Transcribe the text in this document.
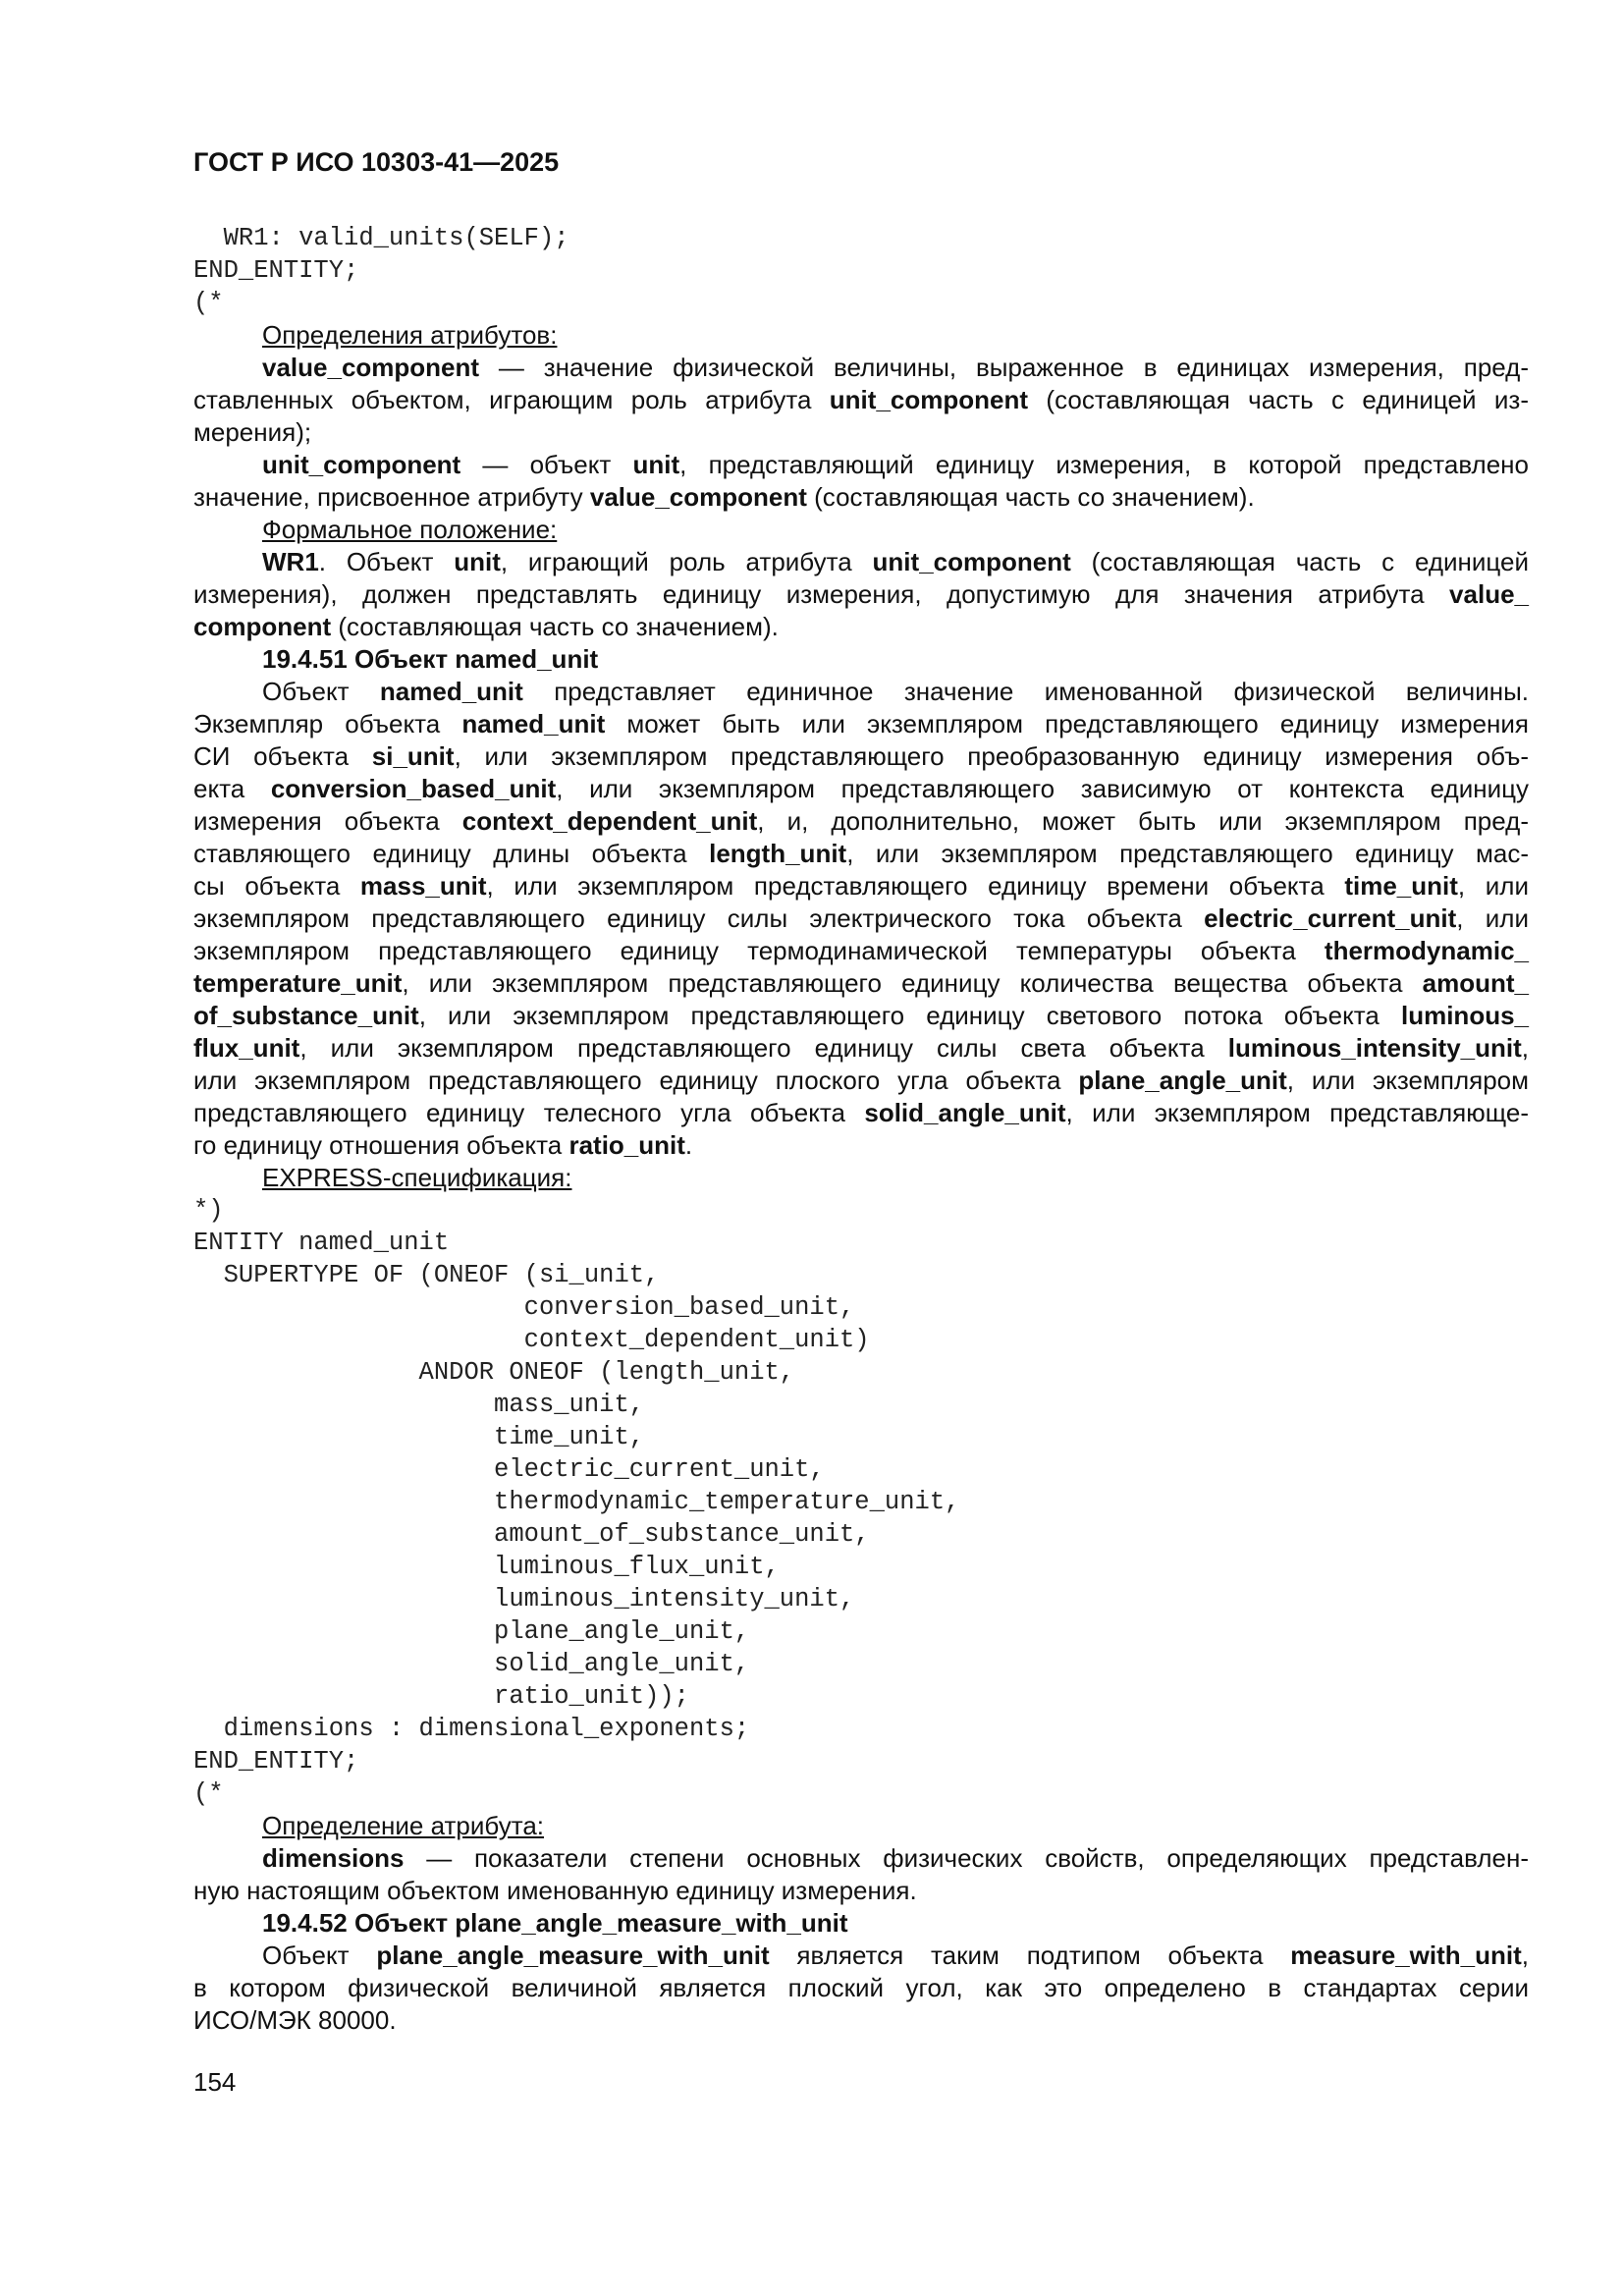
ГОСТ Р ИСО 10303-41—2025
WR1: valid_units(SELF);
END_ENTITY;
(*
Определения атрибутов:
value_component — значение физической величины, выраженное в единицах измерения, пред-
ставленных объектом, играющим роль атрибута unit_component (составляющая часть с единицей из-
мерения);
unit_component — объект unit, представляющий единицу измерения, в которой представлено
значение, присвоенное атрибуту value_component (составляющая часть со значением).
Формальное положение:
WR1. Объект unit, играющий роль атрибута unit_component (составляющая часть с единицей
измерения), должен представлять единицу измерения, допустимую для значения атрибута value_
component (составляющая часть со значением).
19.4.51 Объект named_unit
Объект named_unit представляет единичное значение именованной физической величины.
Экземпляр объекта named_unit может быть или экземпляром представляющего единицу измерения
СИ объекта si_unit, или экземпляром представляющего преобразованную единицу измерения объ-
екта conversion_based_unit, или экземпляром представляющего зависимую от контекста единицу
измерения объекта context_dependent_unit, и, дополнительно, может быть или экземпляром пред-
ставляющего единицу длины объекта length_unit, или экземпляром представляющего единицу мас-
сы объекта mass_unit, или экземпляром представляющего единицу времени объекта time_unit, или
экземпляром представляющего единицу силы электрического тока объекта electric_current_unit, или
экземпляром представляющего единицу термодинамической температуры объекта thermodynamic_
temperature_unit, или экземпляром представляющего единицу количества вещества объекта amount_
of_substance_unit, или экземпляром представляющего единицу светового потока объекта luminous_
flux_unit, или экземпляром представляющего единицу силы света объекта luminous_intensity_unit,
или экземпляром представляющего единицу плоского угла объекта plane_angle_unit, или экземпляром
представляющего единицу телесного угла объекта solid_angle_unit, или экземпляром представляюще-
го единицу отношения объекта ratio_unit.
EXPRESS-спецификация:
*)
ENTITY named_unit
SUPERTYPE OF (ONEOF (si_unit,
conversion_based_unit,
context_dependent_unit)
ANDOR ONEOF (length_unit,
mass_unit,
time_unit,
electric_current_unit,
thermodynamic_temperature_unit,
amount_of_substance_unit,
luminous_flux_unit,
luminous_intensity_unit,
plane_angle_unit,
solid_angle_unit,
ratio_unit));
dimensions : dimensional_exponents;
END_ENTITY;
(*
Определение атрибута:
dimensions — показатели степени основных физических свойств, определяющих представлен-
ную настоящим объектом именованную единицу измерения.
19.4.52 Объект plane_angle_measure_with_unit
Объект plane_angle_measure_with_unit является таким подтипом объекта measure_with_unit,
в котором физической величиной является плоский угол, как это определено в стандартах серии
ИСО/МЭК 80000.
154
